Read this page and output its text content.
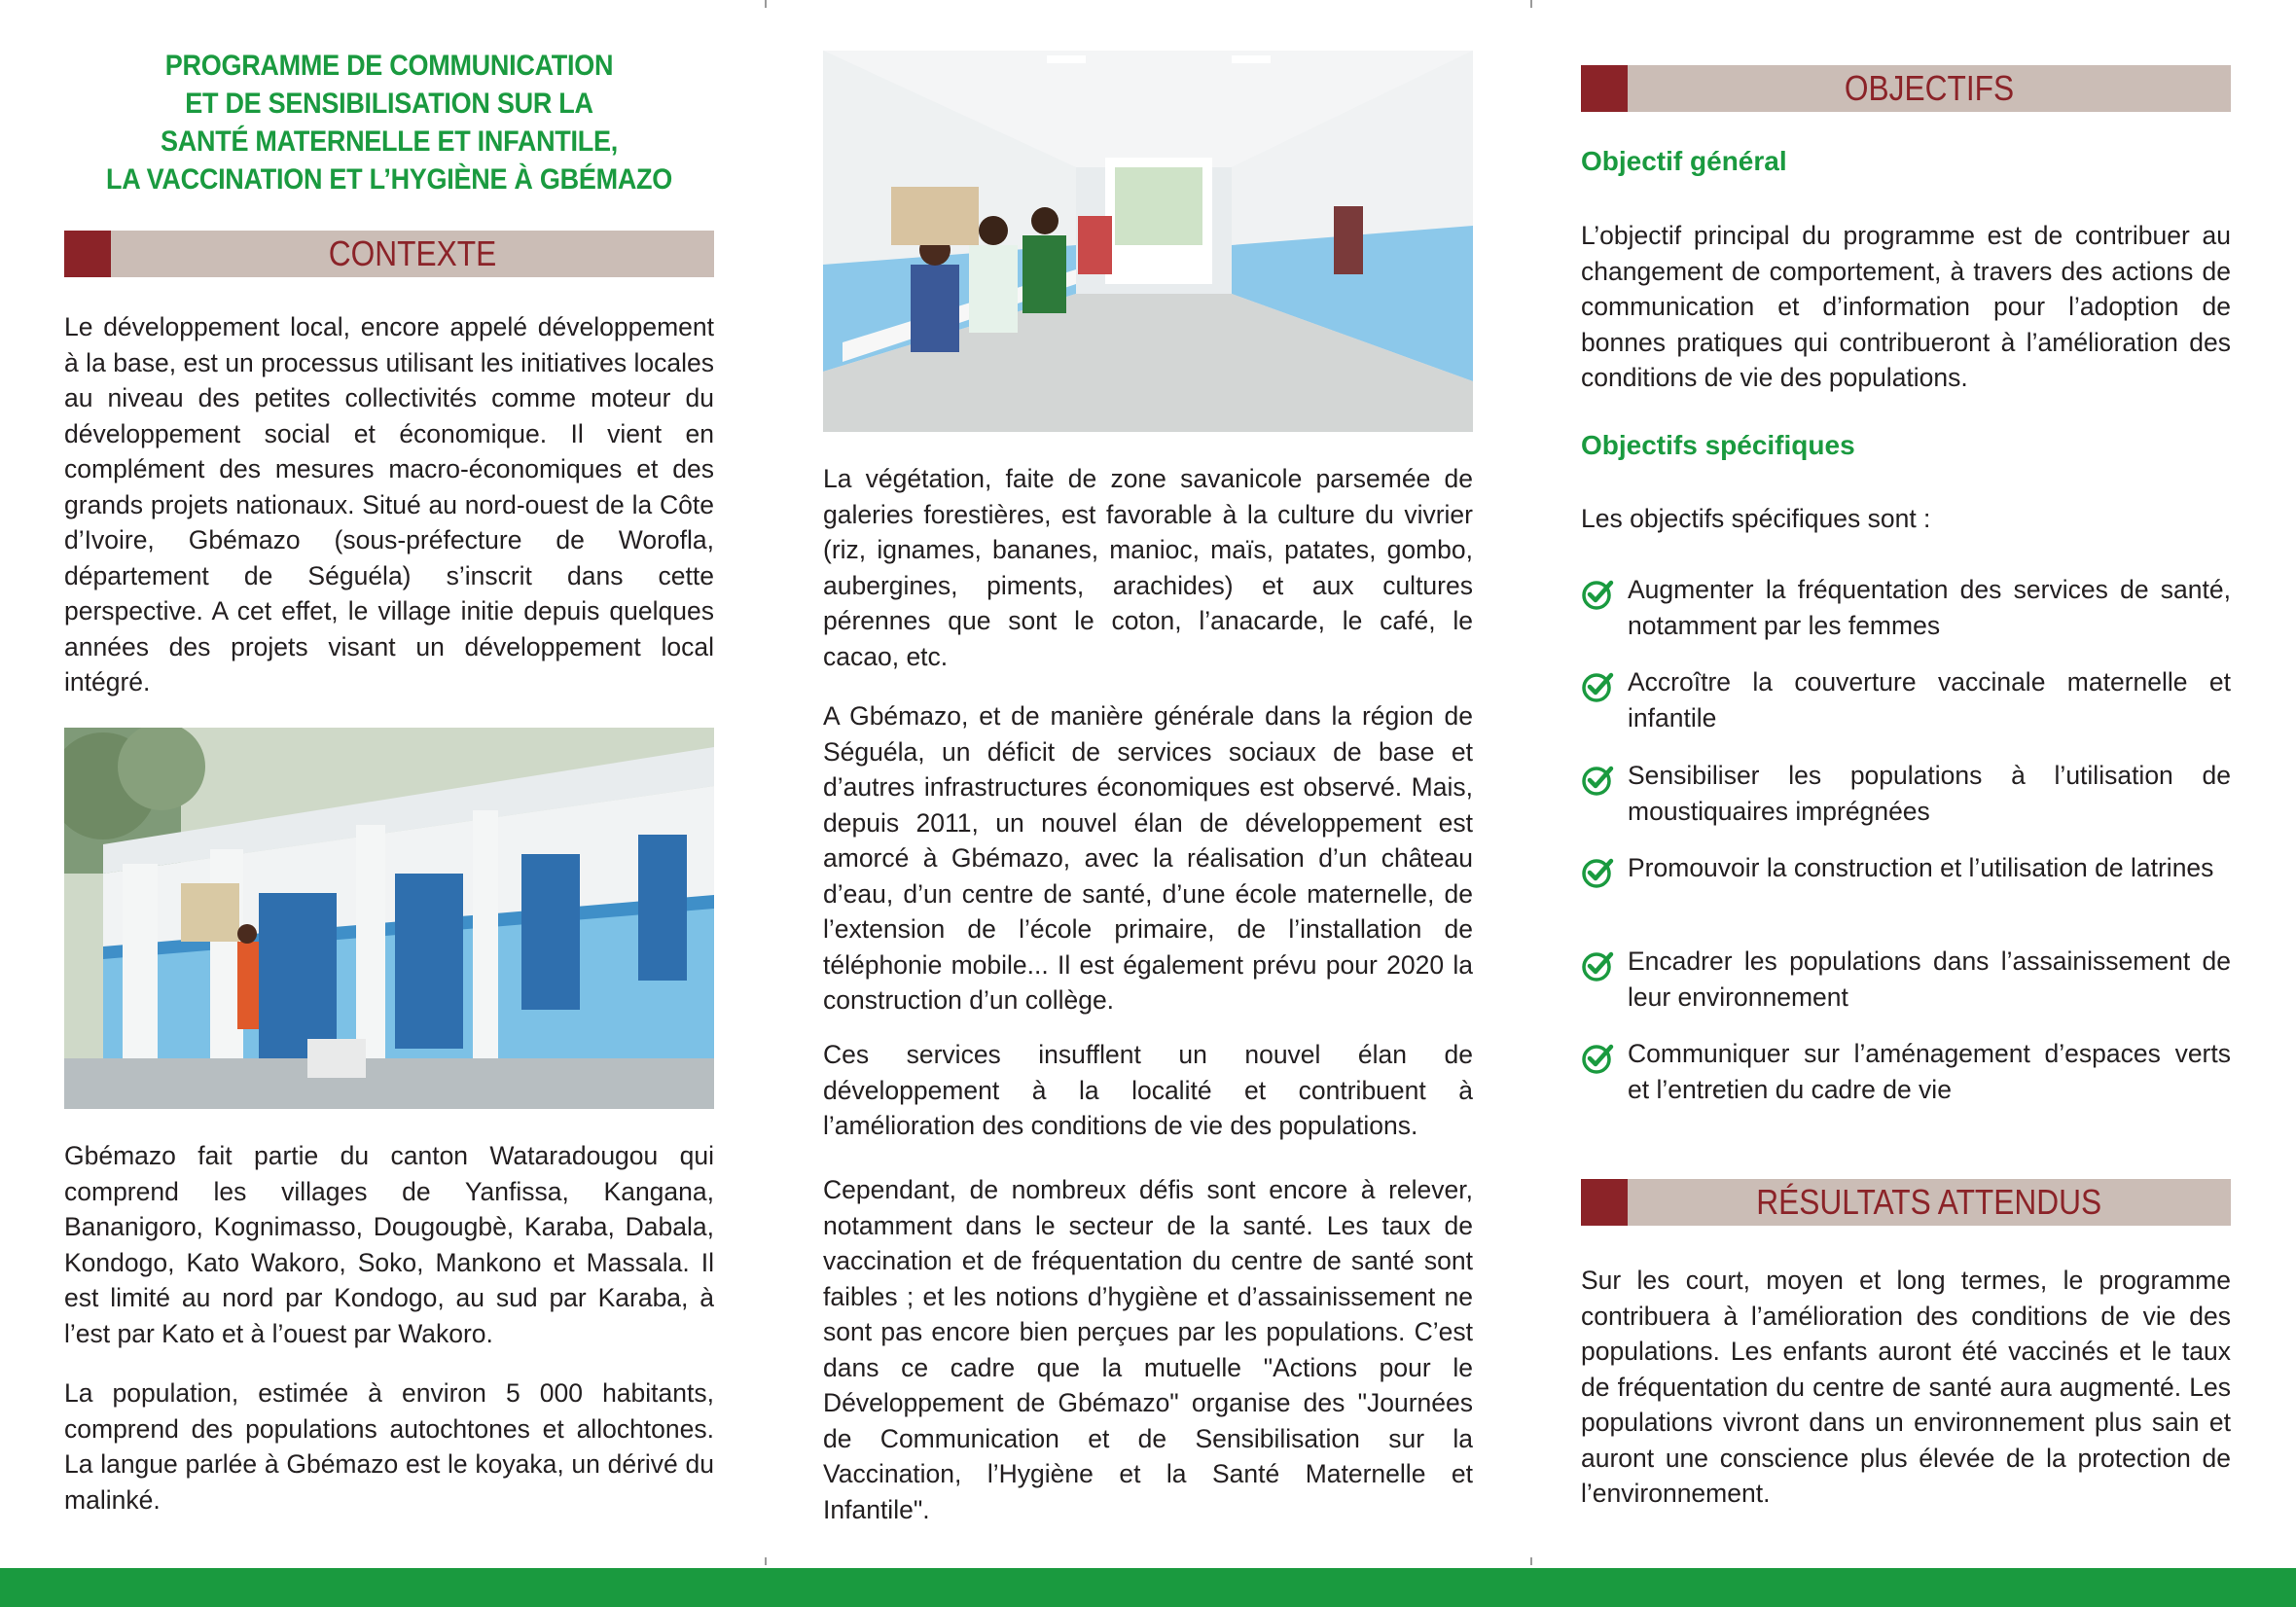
PROGRAMME DE COMMUNICATION
ET DE SENSIBILISATION SUR LA
SANTÉ MATERNELLE ET INFANTILE,
LA VACCINATION ET L’HYGIÈNE À GBÉMAZO
CONTEXTE

Le développement local, encore appelé développement à la base, est un processus utilisant les initiatives locales au niveau des petites collectivités comme moteur du développement social et économique. Il vient en complément des mesures macro-économiques et des grands projets nationaux. Situé au nord-ouest de la Côte d’Ivoire, Gbémazo (sous-préfecture de Worofla, département de Séguéla) s’inscrit dans cette perspective. A cet effet, le village initie depuis quelques années des projets visant un développement local intégré.

Gbémazo fait partie du canton Wataradougou qui comprend les villages de Yanfissa, Kangana, Bananigoro, Kognimasso, Dougougbè, Karaba, Dabala, Kondogo, Kato Wakoro, Soko, Mankono et Massala. Il est limité au nord par Kondogo, au sud par Karaba, à l’est par Kato et à l’ouest par Wakoro.

La population, estimée à environ 5 000 habitants, comprend des populations autochtones et allochtones. La langue parlée à Gbémazo est le koyaka, un dérivé du malinké.

La végétation, faite de zone savanicole parsemée de galeries forestières, est favorable à la culture du vivrier (riz, ignames, bananes, manioc, maïs, patates, gombo, aubergines, piments, arachides) et aux cultures pérennes que sont le coton, l’anacarde, le café, le cacao, etc.

A Gbémazo, et de manière générale dans la région de Séguéla, un déficit de services sociaux de base et d’autres infrastructures économiques est observé. Mais, depuis 2011, un nouvel élan de développement est amorcé à Gbémazo, avec la réalisation d’un château d’eau, d’un centre de santé, d’une école maternelle, de l’extension de l’école primaire, de l’installation de téléphonie mobile... Il est également prévu pour 2020 la construction d’un collège.

Ces services insufflent un nouvel élan de développement à la localité et contribuent à l’amélioration des conditions de vie des populations.

Cependant, de nombreux défis sont encore à relever, notamment dans le secteur de la santé. Les taux de vaccination et de fréquentation du centre de santé sont faibles ; et les notions d’hygiène et d’assainissement ne sont pas encore bien perçues par les populations. C’est dans ce cadre que la mutuelle "Actions pour le Développement de Gbémazo" organise des "Journées de Communication et de Sensibilisation sur la Vaccination, l’Hygiène et la Santé Maternelle et Infantile".

OBJECTIFS
Objectif général

L’objectif principal du programme est de contribuer au changement de comportement, à travers des actions de communication et d’information pour l’adoption de bonnes pratiques qui contribueront à l’amélioration des conditions de vie des populations.

Objectifs spécifiques

Les objectifs spécifiques sont :

Augmenter la fréquentation des services de santé, notamment par les femmes
Accroître la couverture vaccinale maternelle et infantile
Sensibiliser les populations à l’utilisation de moustiquaires imprégnées
Promouvoir la construction et l’utilisation de latrines
Encadrer les populations dans l’assainissement de leur environnement
Communiquer sur l’aménagement d’espaces verts et l’entretien du cadre de vie
RÉSULTATS ATTENDUS

Sur les court, moyen et long termes, le programme contribuera à l’amélioration des conditions de vie des populations. Les enfants auront été vaccinés et le taux de fréquentation du centre de santé aura augmenté. Les populations vivront dans un environnement plus sain et auront une conscience plus élevée de la protection de l’environnement.
